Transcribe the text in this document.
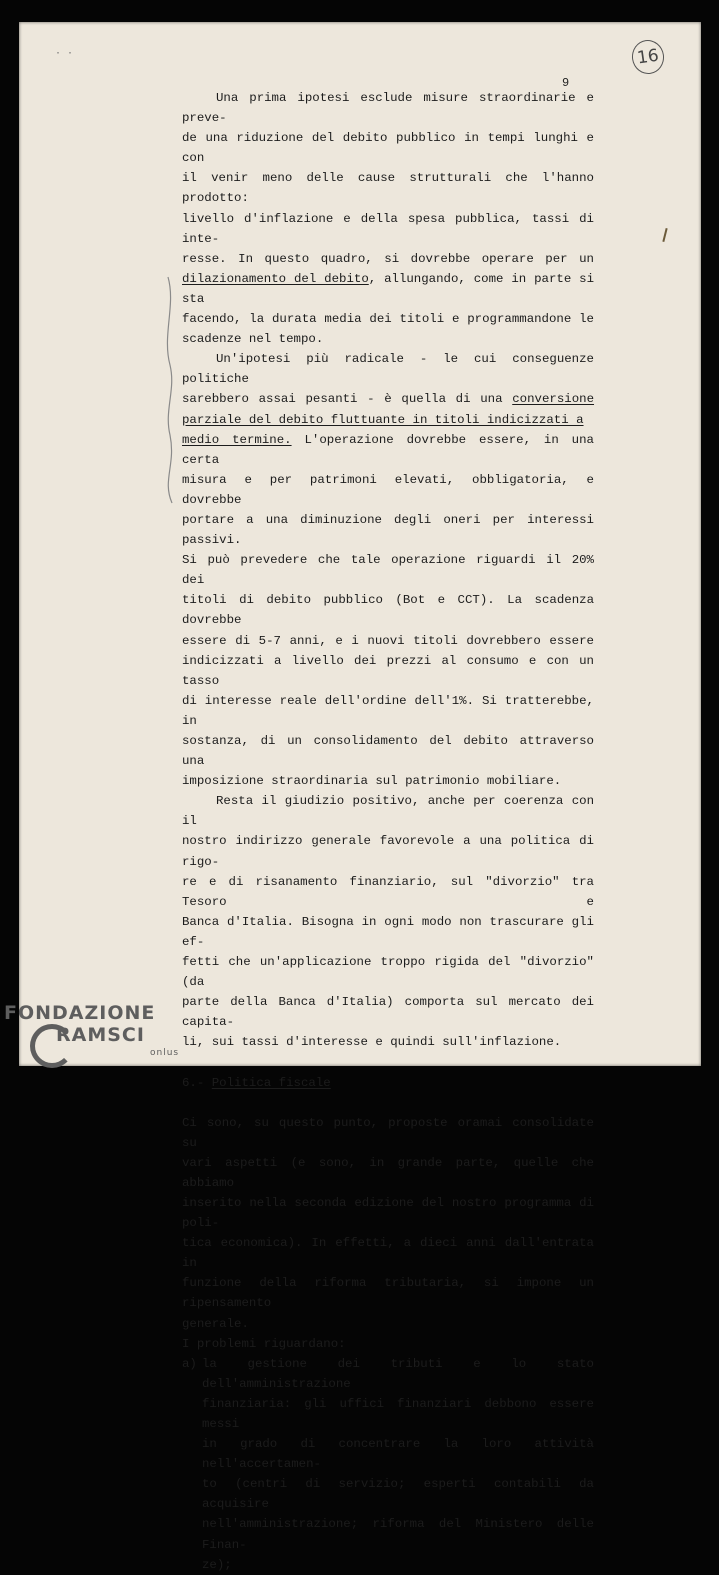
· ·	16
9

Una prima ipotesi esclude misure straordinarie e preve-

de una riduzione del debito pubblico in tempi lunghi e con

il venir meno delle cause strutturali che l'hanno prodotto:

livello d'inflazione e della spesa pubblica, tassi di inte-

resse. In questo quadro, si dovrebbe operare per un

dilazionamento del debito, allungando, come in parte si sta

facendo, la durata media dei titoli e programmandone le

scadenze nel tempo.

Un'ipotesi più radicale - le cui conseguenze politiche

sarebbero assai pesanti - è quella di una conversione

parziale del debito fluttuante in titoli indicizzati a

medio termine. L'operazione dovrebbe essere, in una certa

misura e per patrimoni elevati, obbligatoria, e dovrebbe

portare a una diminuzione degli oneri per interessi passivi.

Si può prevedere che tale operazione riguardi il 20% dei

titoli di debito pubblico (Bot e CCT). La scadenza dovrebbe

essere di 5-7 anni, e i nuovi titoli dovrebbero essere

indicizzati a livello dei prezzi al consumo e con un tasso

di interesse reale dell'ordine dell'1%. Si tratterebbe, in

sostanza, di un consolidamento del debito attraverso una

imposizione straordinaria sul patrimonio mobiliare.

Resta il giudizio positivo, anche per coerenza con il

nostro indirizzo generale favorevole a una politica di rigo-

re e di risanamento finanziario, sul "divorzio" tra Tesoro e

Banca d'Italia. Bisogna in ogni modo non trascurare gli ef-

fetti che un'applicazione troppo rigida del "divorzio" (da

parte della Banca d'Italia) comporta sul mercato dei capita-

li, sui tassi d'interesse e quindi sull'inflazione.

6.- Politica fiscale

Ci sono, su questo punto, proposte oramai consolidate su

vari aspetti (e sono, in grande parte, quelle che abbiamo

inserito nella seconda edizione del nostro programma di poli-

tica economica). In effetti, a dieci anni dall'entrata in

funzione della riforma tributaria, si impone un ripensamento

generale.

I problemi riguardano:

a) la gestione dei tributi e lo stato dell'amministrazione

finanziaria: gli uffici finanziari debbono essere messi

in grado di concentrare la loro attività nell'accertamen-

to (centri di servizio; esperti contabili da acquisire

nell'amministrazione; riforma del Ministero delle Finan-

ze);

FONDAZIONE
RAMSCI
onlus
